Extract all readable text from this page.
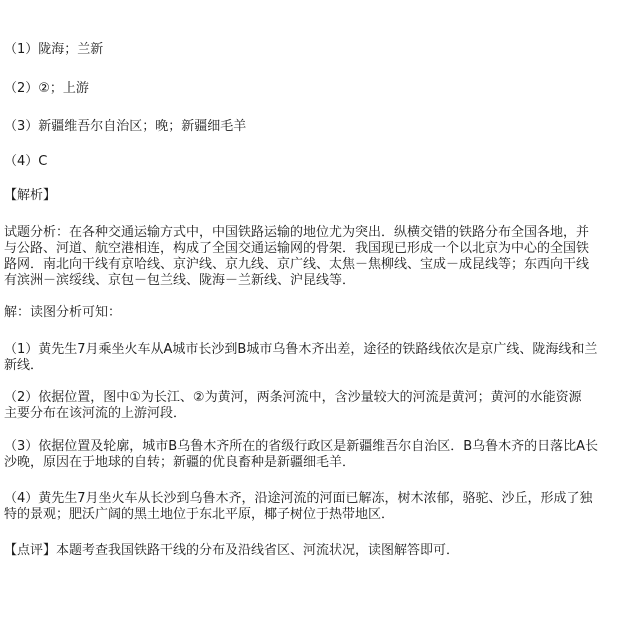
（1）陇海；兰新
（2）②；上游
（3）新疆维吾尔自治区；晚；新疆细毛羊
（4）C
【解析】

试题分析：在各种交通运输方式中，中国铁路运输的地位尤为突出．纵横交错的铁路分布全国各地，并

与公路、河道、航空港相连，构成了全国交通运输网的骨架．我国现已形成一个以北京为中心的全国铁

路网．南北向干线有京哈线、京沪线、京九线、京广线、太焦－焦柳线、宝成－成昆线等；东西向干线

有滨洲－滨绥线、京包－包兰线、陇海－兰新线、沪昆线等．

解：读图分析可知：

（1）黄先生7月乘坐火车从A城市长沙到B城市乌鲁木齐出差，途径的铁路线依次是京广线、陇海线和兰

新线．

（2）依据位置，图中①为长江、②为黄河，两条河流中，含沙量较大的河流是黄河；黄河的水能资源

主要分布在该河流的上游河段．

（3）依据位置及轮廓，城市B乌鲁木齐所在的省级行政区是新疆维吾尔自治区．B乌鲁木齐的日落比A长

沙晚，原因在于地球的自转；新疆的优良畜种是新疆细毛羊．

（4）黄先生7月坐火车从长沙到乌鲁木齐，沿途河流的河面已解冻，树木浓郁，骆驼、沙丘，形成了独

特的景观；肥沃广阔的黑土地位于东北平原，椰子树位于热带地区．

【点评】本题考查我国铁路干线的分布及沿线省区、河流状况，读图解答即可．
